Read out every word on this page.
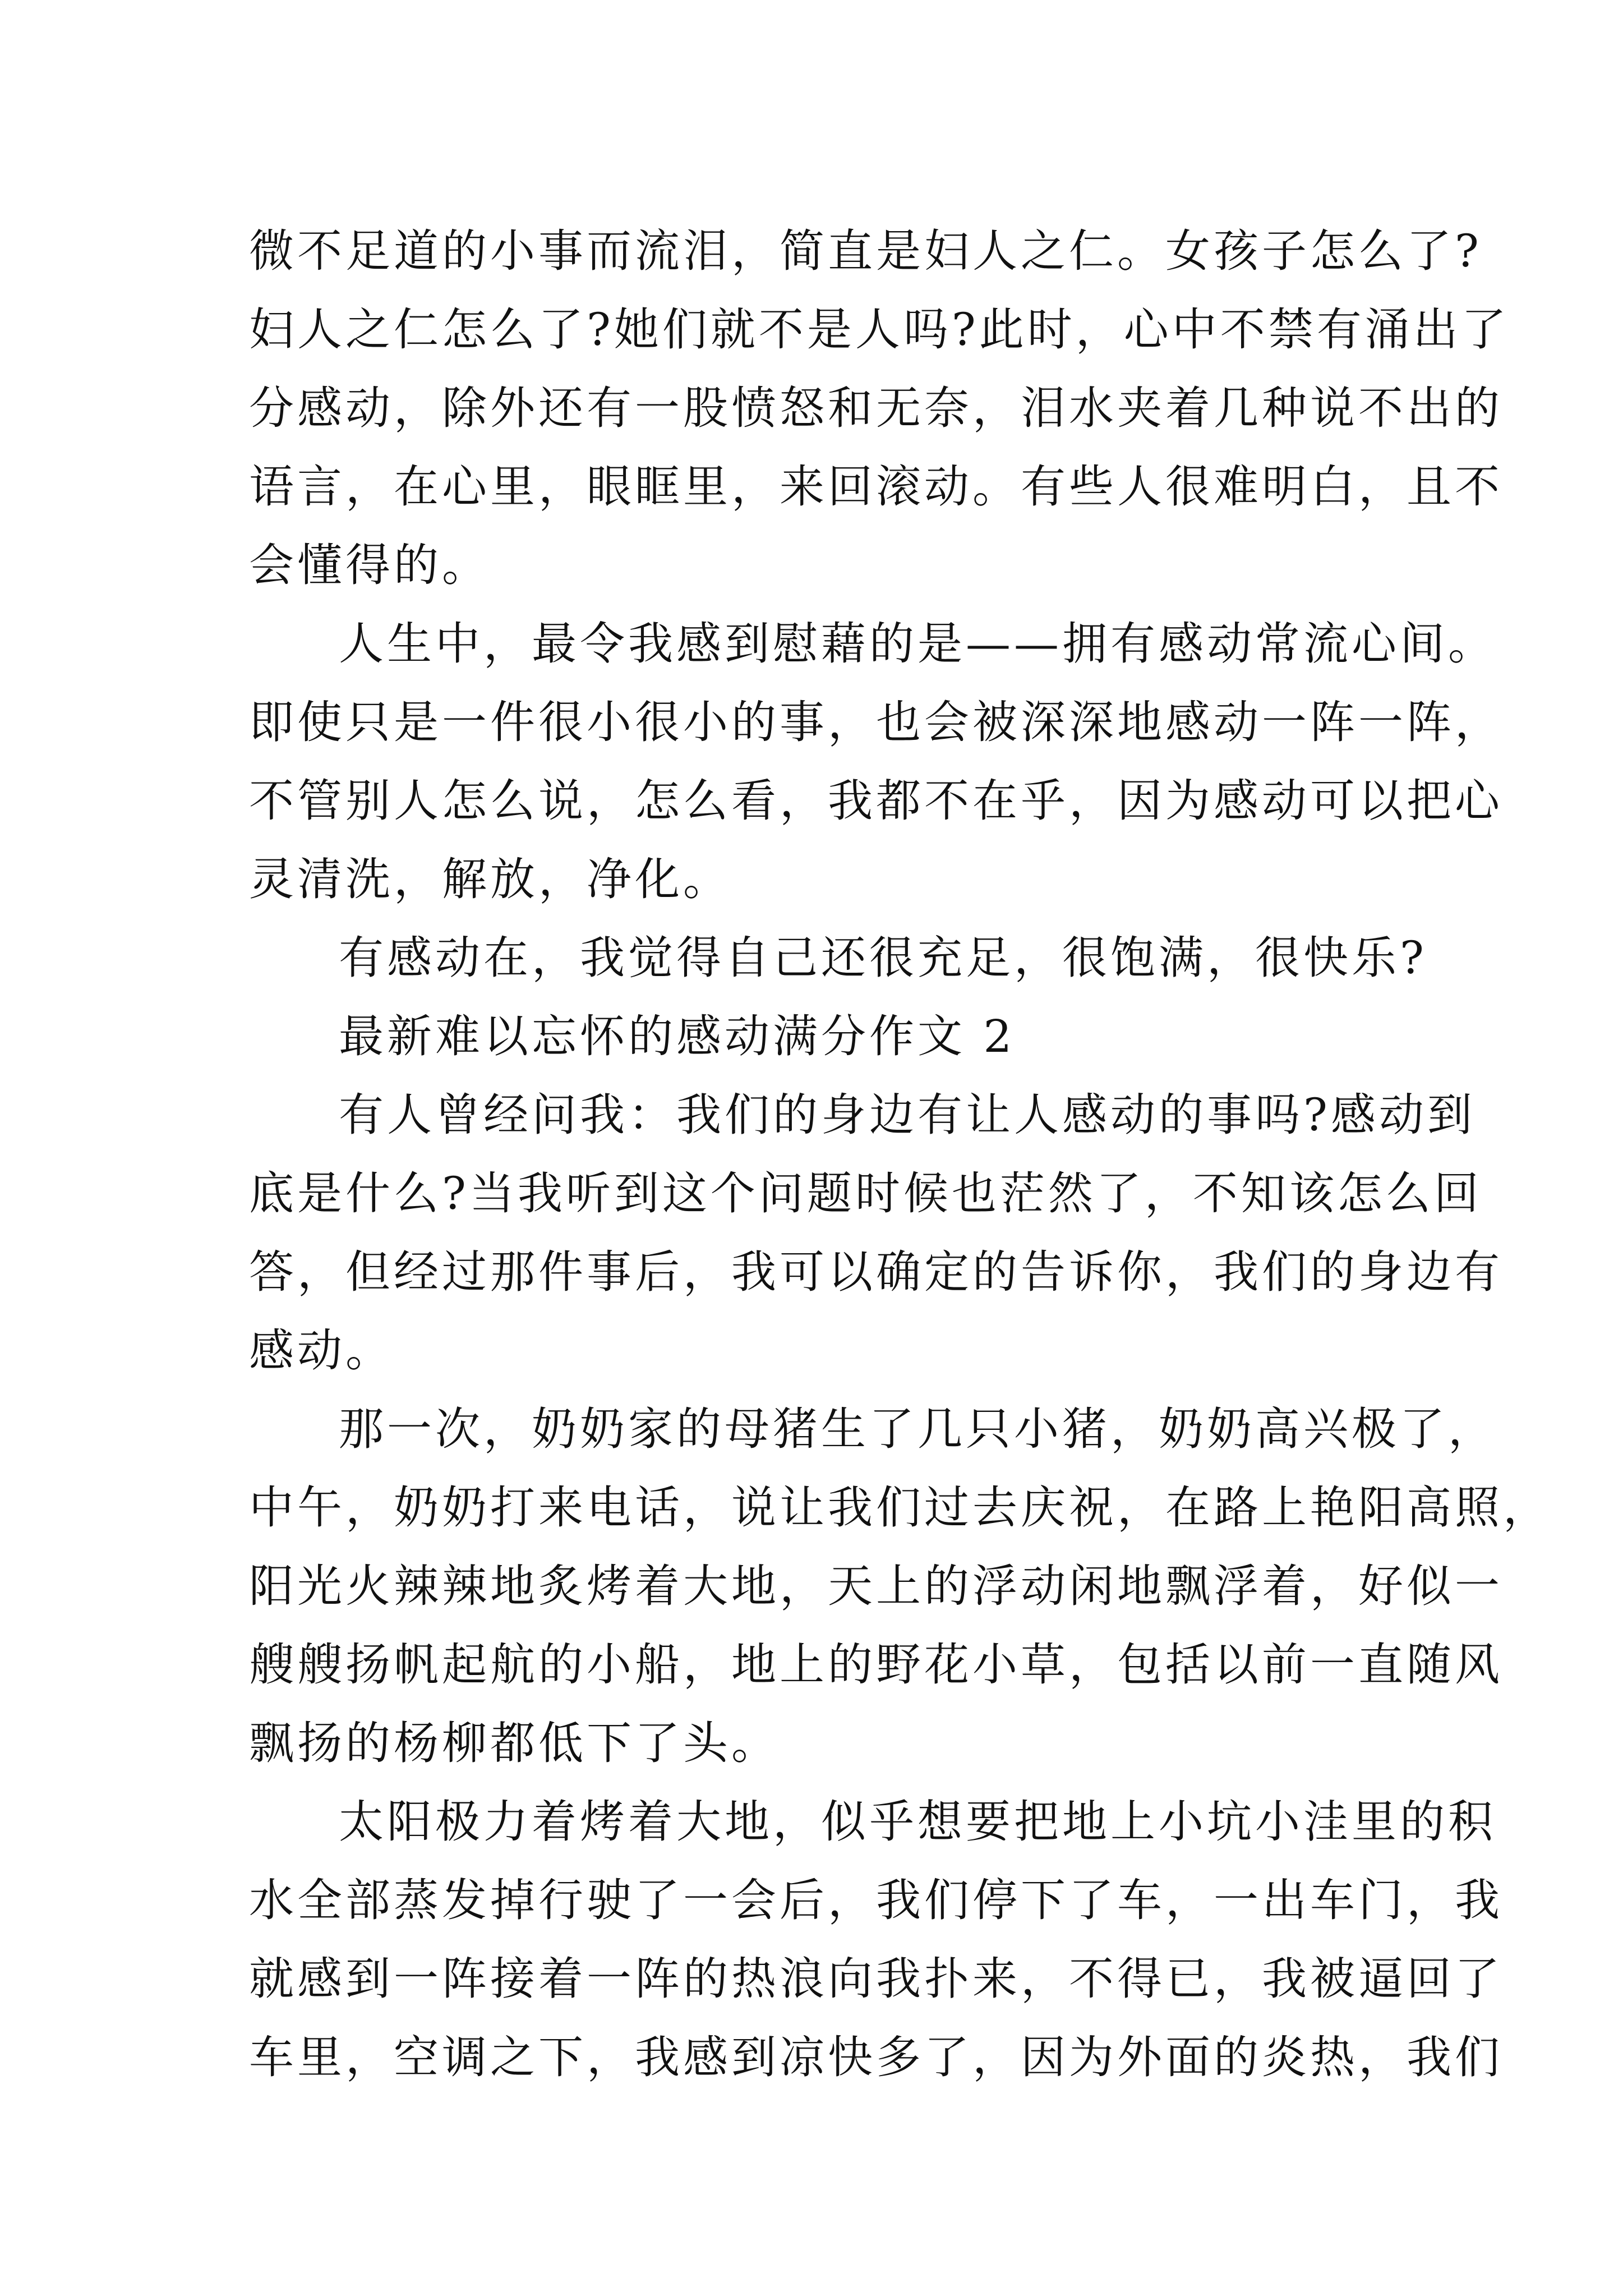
微不足道的小事而流泪，简直是妇人之仁。女孩子怎么了?
妇人之仁怎么了?她们就不是人吗?此时，心中不禁有涌出了
分感动，除外还有一股愤怒和无奈，泪水夹着几种说不出的
语言，在心里，眼眶里，来回滚动。有些人很难明白，且不
会懂得的。
人生中，最令我感到慰藉的是——拥有感动常流心间。
即使只是一件很小很小的事，也会被深深地感动一阵一阵，
不管别人怎么说，怎么看，我都不在乎，因为感动可以把心
灵清洗，解放，净化。
有感动在，我觉得自己还很充足，很饱满，很快乐?
最新难以忘怀的感动满分作文 2
有人曾经问我：我们的身边有让人感动的事吗?感动到
底是什么?当我听到这个问题时候也茫然了，不知该怎么回
答，但经过那件事后，我可以确定的告诉你，我们的身边有
感动。
那一次，奶奶家的母猪生了几只小猪，奶奶高兴极了，
中午，奶奶打来电话，说让我们过去庆祝，在路上艳阳高照，
阳光火辣辣地炙烤着大地，天上的浮动闲地飘浮着，好似一
艘艘扬帆起航的小船，地上的野花小草，包括以前一直随风
飘扬的杨柳都低下了头。
太阳极力着烤着大地，似乎想要把地上小坑小洼里的积
水全部蒸发掉行驶了一会后，我们停下了车，一出车门，我
就感到一阵接着一阵的热浪向我扑来，不得已，我被逼回了
车里，空调之下，我感到凉快多了，因为外面的炎热，我们
